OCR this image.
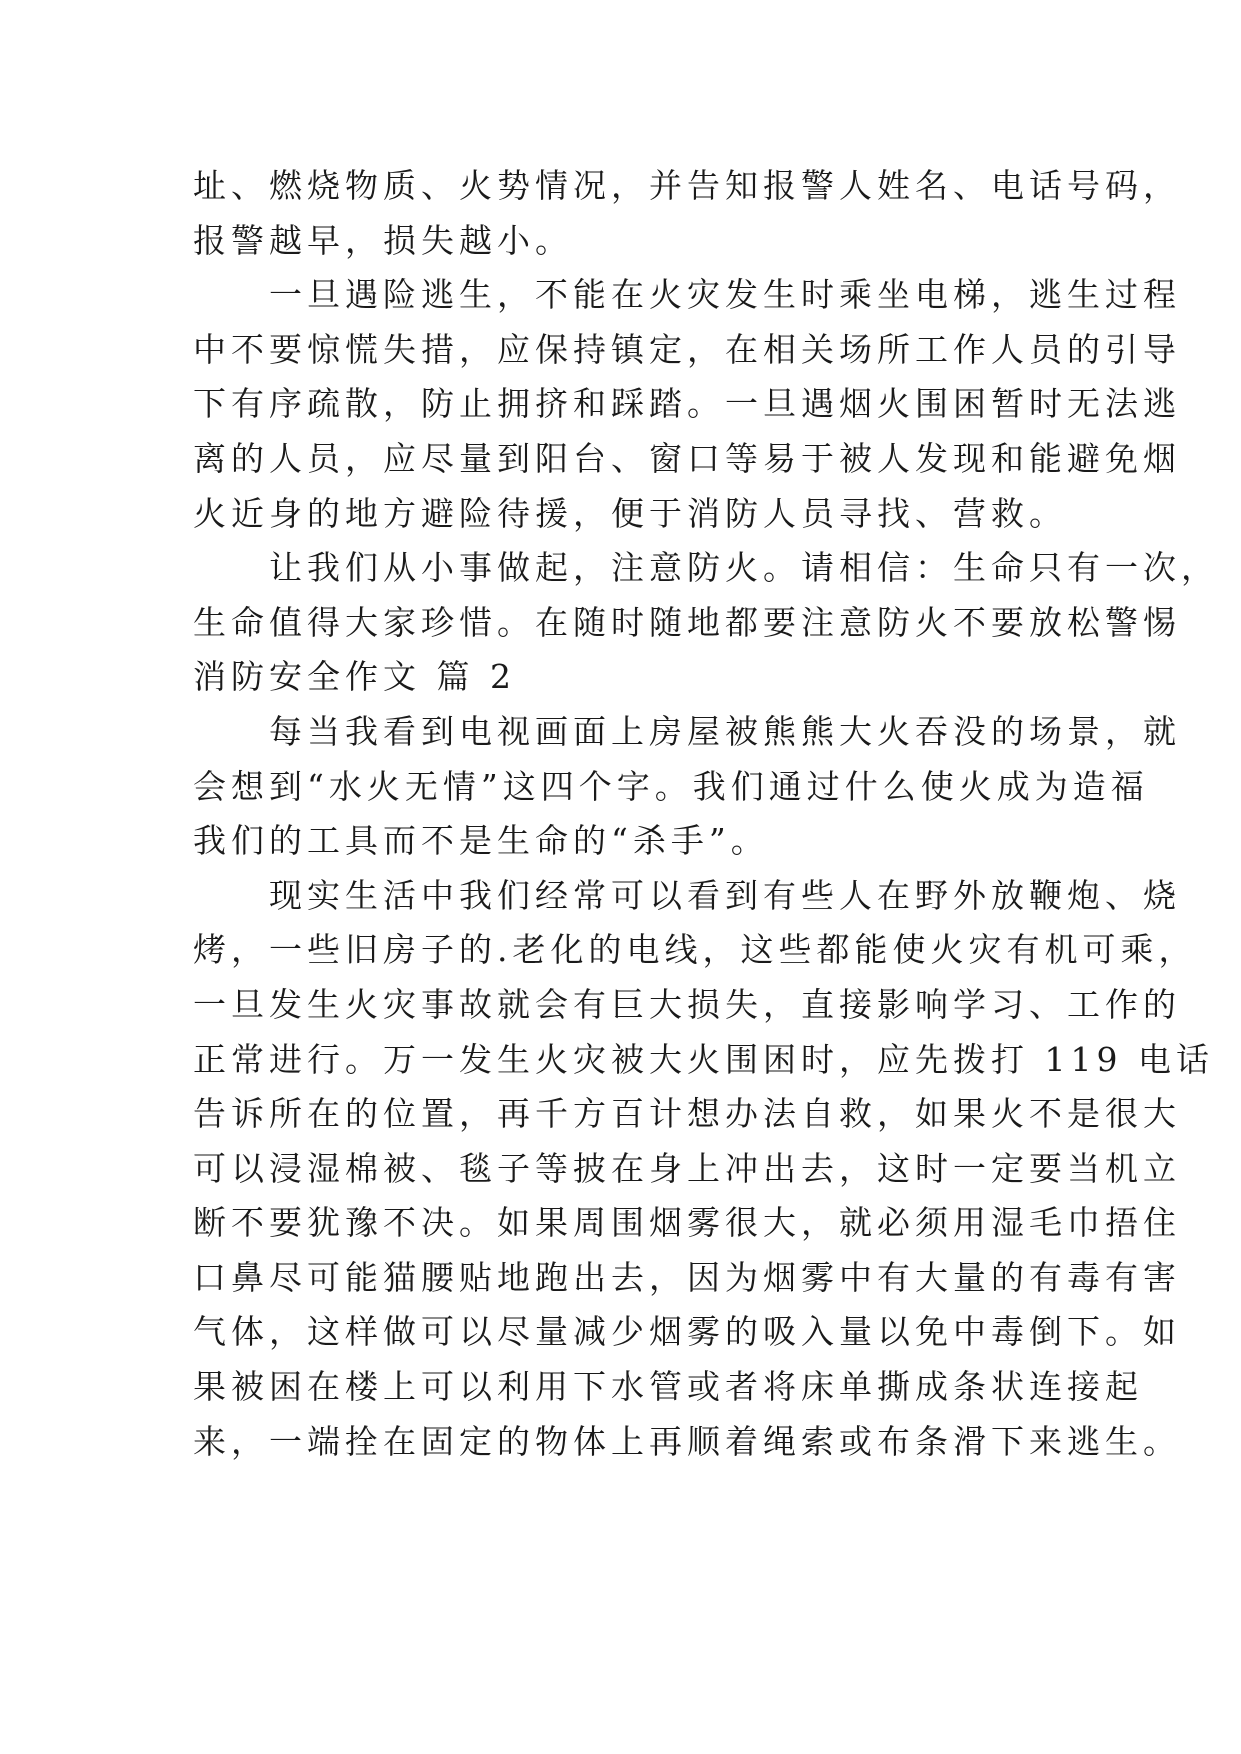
址、燃烧物质、火势情况，并告知报警人姓名、电话号码，
报警越早，损失越小。
　　一旦遇险逃生，不能在火灾发生时乘坐电梯，逃生过程
中不要惊慌失措，应保持镇定，在相关场所工作人员的引导
下有序疏散，防止拥挤和踩踏。一旦遇烟火围困暂时无法逃
离的人员，应尽量到阳台、窗口等易于被人发现和能避免烟
火近身的地方避险待援，便于消防人员寻找、营救。
　　让我们从小事做起，注意防火。请相信：生命只有一次，
生命值得大家珍惜。在随时随地都要注意防火不要放松警惕
消防安全作文 篇 2
　　每当我看到电视画面上房屋被熊熊大火吞没的场景，就
会想到“水火无情”这四个字。我们通过什么使火成为造福
我们的工具而不是生命的“杀手”。
　　现实生活中我们经常可以看到有些人在野外放鞭炮、烧
烤，一些旧房子的.老化的电线，这些都能使火灾有机可乘，
一旦发生火灾事故就会有巨大损失，直接影响学习、工作的
正常进行。万一发生火灾被大火围困时，应先拨打 119 电话
告诉所在的位置，再千方百计想办法自救，如果火不是很大
可以浸湿棉被、毯子等披在身上冲出去，这时一定要当机立
断不要犹豫不决。如果周围烟雾很大，就必须用湿毛巾捂住
口鼻尽可能猫腰贴地跑出去，因为烟雾中有大量的有毒有害
气体，这样做可以尽量减少烟雾的吸入量以免中毒倒下。如
果被困在楼上可以利用下水管或者将床单撕成条状连接起
来，一端拴在固定的物体上再顺着绳索或布条滑下来逃生。
